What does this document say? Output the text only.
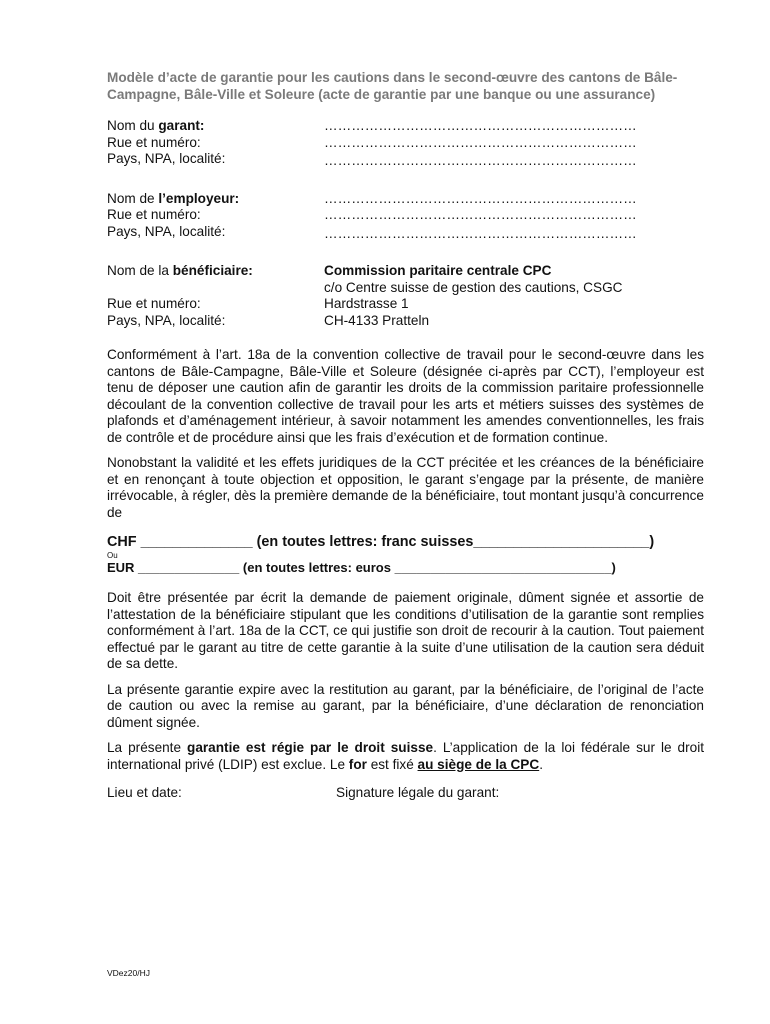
Modèle d’acte de garantie pour les cautions dans le second-œuvre des cantons de Bâle-Campagne, Bâle-Ville et Soleure (acte de garantie par une banque ou une assurance)
Nom du garant:
Rue et numéro:
Pays, NPA, localité:
……………………………………………………………
……………………………………………………………
……………………………………………………………
Nom de l’employeur:
Rue et numéro:
Pays, NPA, localité:
……………………………………………………………
……………………………………………………………
……………………………………………………………
Nom de la bénéficiaire:
Rue et numéro:
Pays, NPA, localité:
Commission paritaire centrale CPC
c/o Centre suisse de gestion des cautions, CSGC
Hardstrasse 1
CH-4133 Pratteln

Conformément à l’art. 18a de la convention collective de travail pour le second-œuvre dans les cantons de Bâle-Campagne, Bâle-Ville et Soleure (désignée ci-après par CCT), l’employeur est tenu de déposer une caution afin de garantir les droits de la commission paritaire professionnelle découlant de la convention collective de travail pour les arts et métiers suisses des systèmes de plafonds et d’aménagement intérieur, à savoir notamment les amendes conventionnelles, les frais de contrôle et de procédure ainsi que les frais d’exécution et de formation continue.

Nonobstant la validité et les effets juridiques de la CCT précitée et les créances de la bénéficiaire et en renonçant à toute objection et opposition, le garant s’engage par la présente, de manière irrévocable, à régler, dès la première demande de la bénéficiaire, tout montant jusqu’à concurrence de

CHF ______________ (en toutes lettres: franc suisses______________________)
Ou
EUR ______________ (en toutes lettres: euros ______________________________)

Doit être présentée par écrit la demande de paiement originale, dûment signée et assortie de l’attestation de la bénéficiaire stipulant que les conditions d’utilisation de la garantie sont remplies conformément à l’art. 18a de la CCT, ce qui justifie son droit de recourir à la caution. Tout paiement effectué par le garant au titre de cette garantie à la suite d’une utilisation de la caution sera déduit de sa dette.

La présente garantie expire avec la restitution au garant, par la bénéficiaire, de l’original de l’acte de caution ou avec la remise au garant, par la bénéficiaire, d’une déclaration de renonciation dûment signée.

La présente garantie est régie par le droit suisse. L’application de la loi fédérale sur le droit international privé (LDIP) est exclue. Le for est fixé au siège de la CPC.

Lieu et date:	Signature légale du garant:
VDez20/HJ
